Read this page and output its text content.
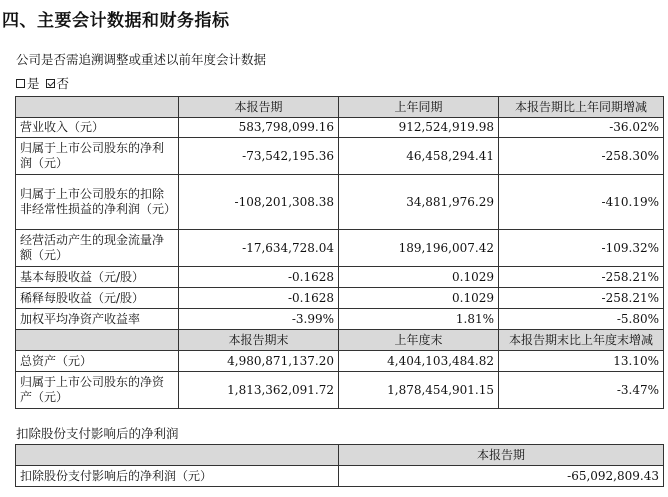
四、主要会计数据和财务指标
公司是否需追溯调整或重述以前年度会计数据
是 否
	本报告期	上年同期	本报告期比上年同期增减
营业收入（元）	583,798,099.16	912,524,919.98	-36.02%
归属于上市公司股东的净利润（元）	-73,542,195.36	46,458,294.41	-258.30%
归属于上市公司股东的扣除非经常性损益的净利润（元）	-108,201,308.38	34,881,976.29	-410.19%
经营活动产生的现金流量净额（元）	-17,634,728.04	189,196,007.42	-109.32%
基本每股收益（元/股）	-0.1628	0.1029	-258.21%
稀释每股收益（元/股）	-0.1628	0.1029	-258.21%
加权平均净资产收益率	-3.99%	1.81%	-5.80%
	本报告期末	上年度末	本报告期末比上年度末增减
总资产（元）	4,980,871,137.20	4,404,103,484.82	13.10%
归属于上市公司股东的净资产（元）	1,813,362,091.72	1,878,454,901.15	-3.47%
扣除股份支付影响后的净利润
	本报告期
扣除股份支付影响后的净利润（元）	-65,092,809.43
